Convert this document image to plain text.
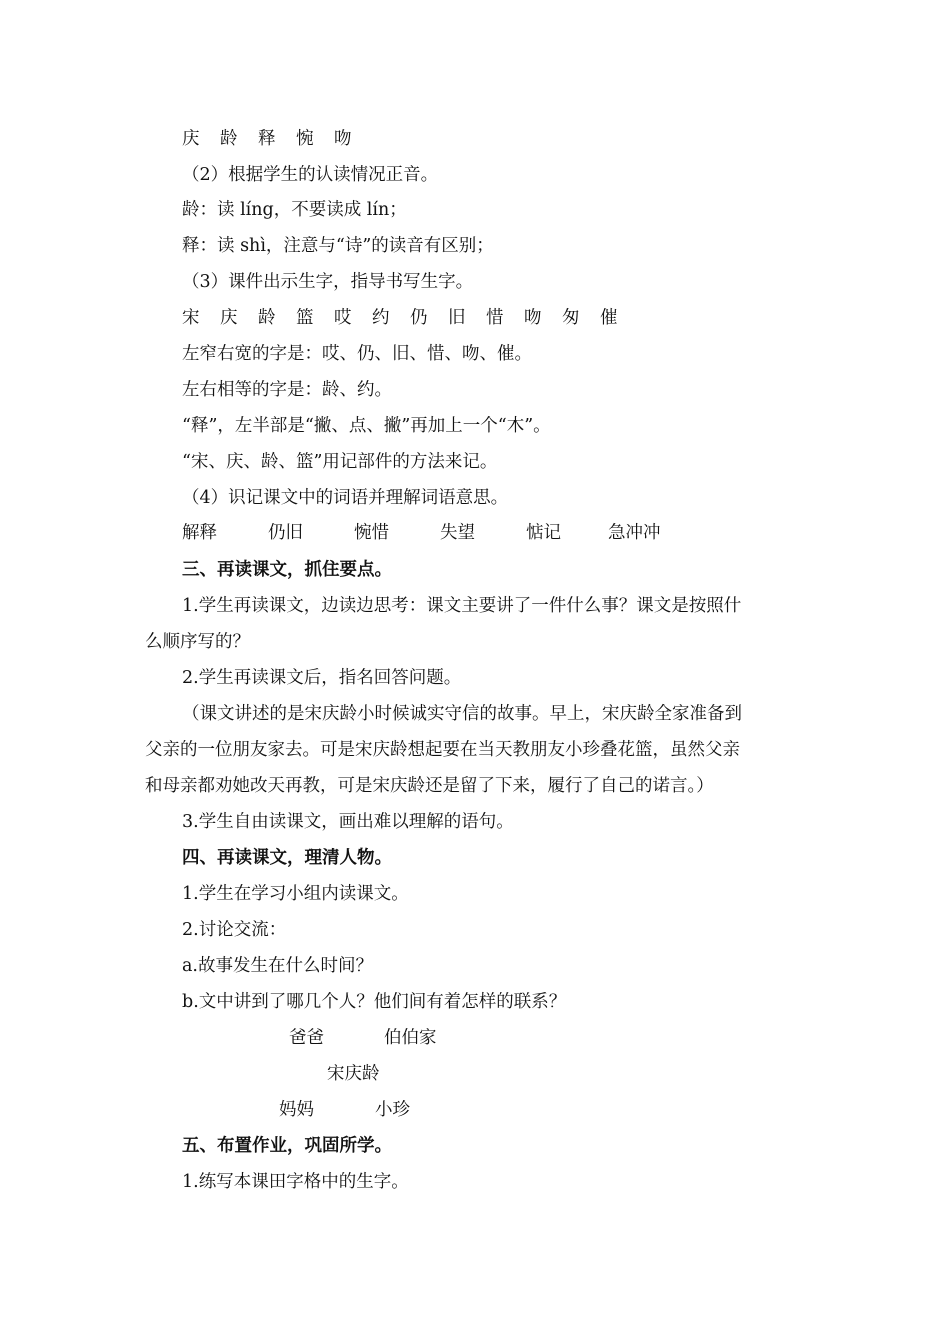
庆 龄 释 惋 吻
（2）根据学生的认读情况正音。
龄：读 líng，不要读成 lín；
释：读 shì，注意与“诗”的读音有区别；
（3）课件出示生字，指导书写生字。
宋 庆 龄 篮 哎 约 仍 旧 惜 吻 匆 催
左窄右宽的字是：哎、仍、旧、惜、吻、催。
左右相等的字是：龄、约。
“释”，左半部是“撇、点、撇”再加上一个“木”。
“宋、庆、龄、篮”用记部件的方法来记。
（4）识记课文中的词语并理解词语意思。
解释	仍旧	惋惜	失望	惦记	急冲冲
三、再读课文，抓住要点。
1.学生再读课文，边读边思考：课文主要讲了一件什么事？课文是按照什
么顺序写的？
2.学生再读课文后，指名回答问题。
（课文讲述的是宋庆龄小时候诚实守信的故事。早上，宋庆龄全家准备到
父亲的一位朋友家去。可是宋庆龄想起要在当天教朋友小珍叠花篮，虽然父亲
和母亲都劝她改天再教，可是宋庆龄还是留了下来，履行了自己的诺言。）
3.学生自由读课文，画出难以理解的语句。
四、再读课文，理清人物。
1.学生在学习小组内读课文。
2.讨论交流：
a.故事发生在什么时间？
b.文中讲到了哪几个人？他们间有着怎样的联系？
爸爸	伯伯家
宋庆龄
妈妈	小珍
五、布置作业，巩固所学。
1.练写本课田字格中的生字。
